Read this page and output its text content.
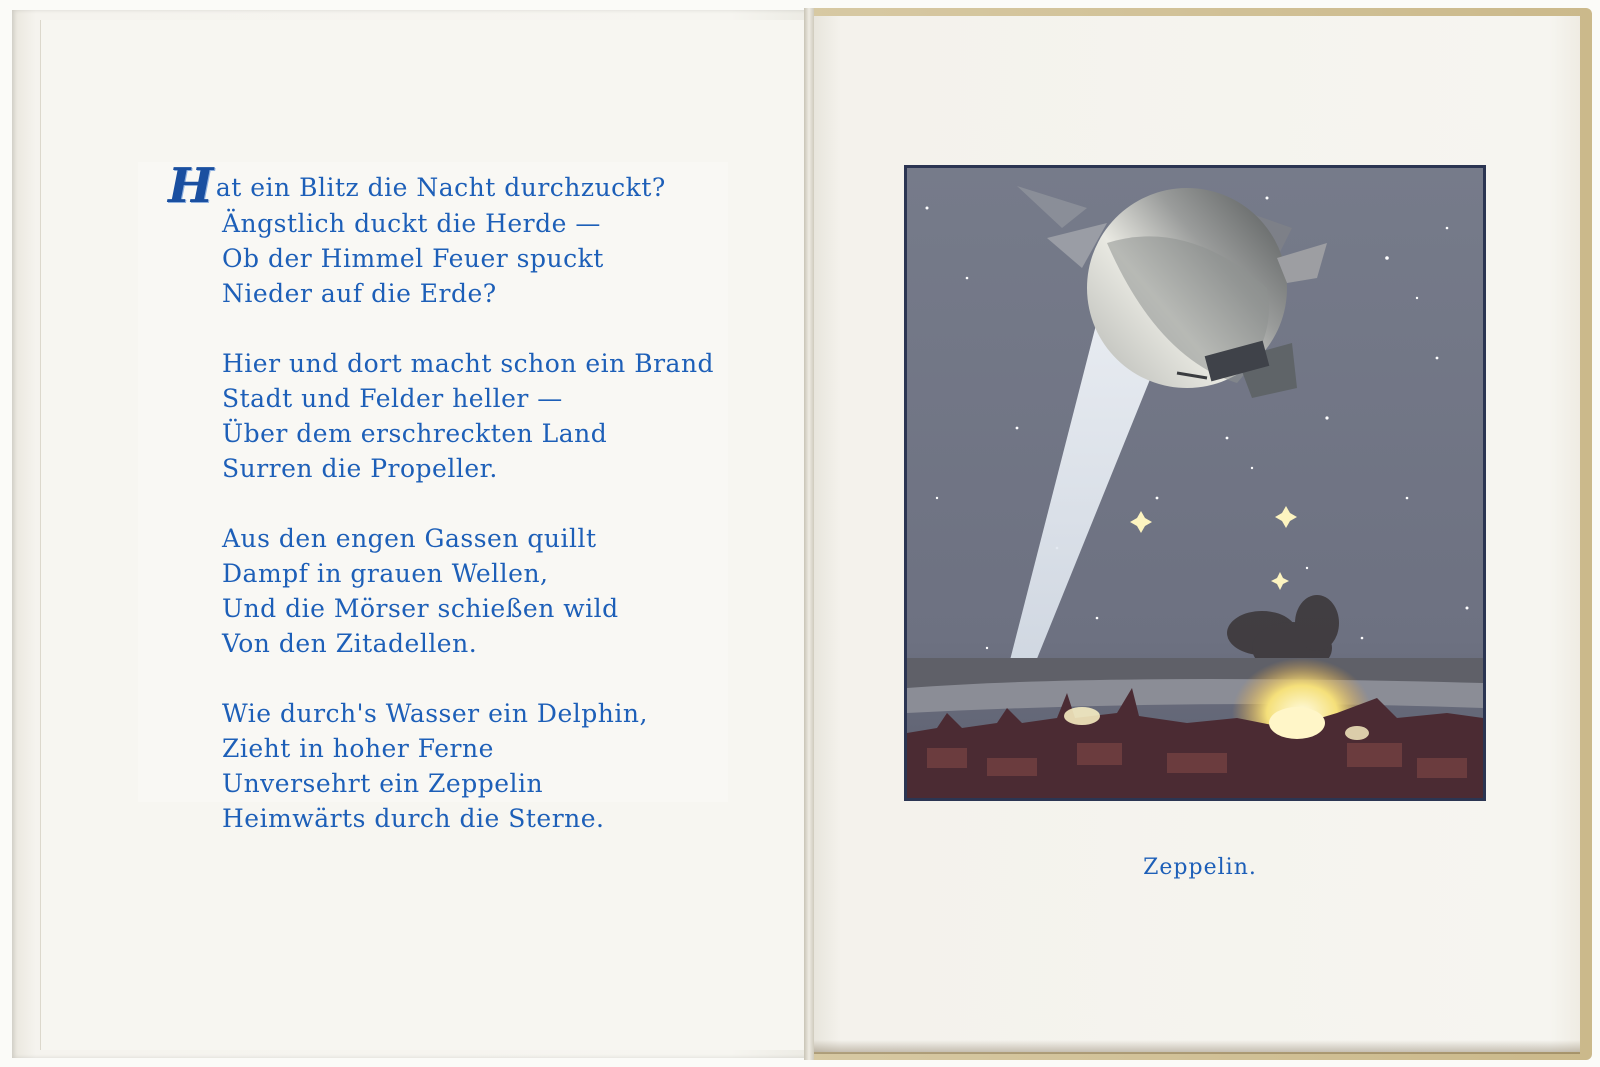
Hat ein Blitz die Nacht durchzuckt?
Ängstlich duckt die Herde —
Ob der Himmel Feuer spuckt
Nieder auf die Erde?
Hier und dort macht schon ein Brand
Stadt und Felder heller —
Über dem erschreckten Land
Surren die Propeller.
Aus den engen Gassen quillt
Dampf in grauen Wellen,
Und die Mörser schießen wild
Von den Zitadellen.
Wie durch's Wasser ein Delphin,
Zieht in hoher Ferne
Unversehrt ein Zeppelin
Heimwärts durch die Sterne.
Zeppelin.
